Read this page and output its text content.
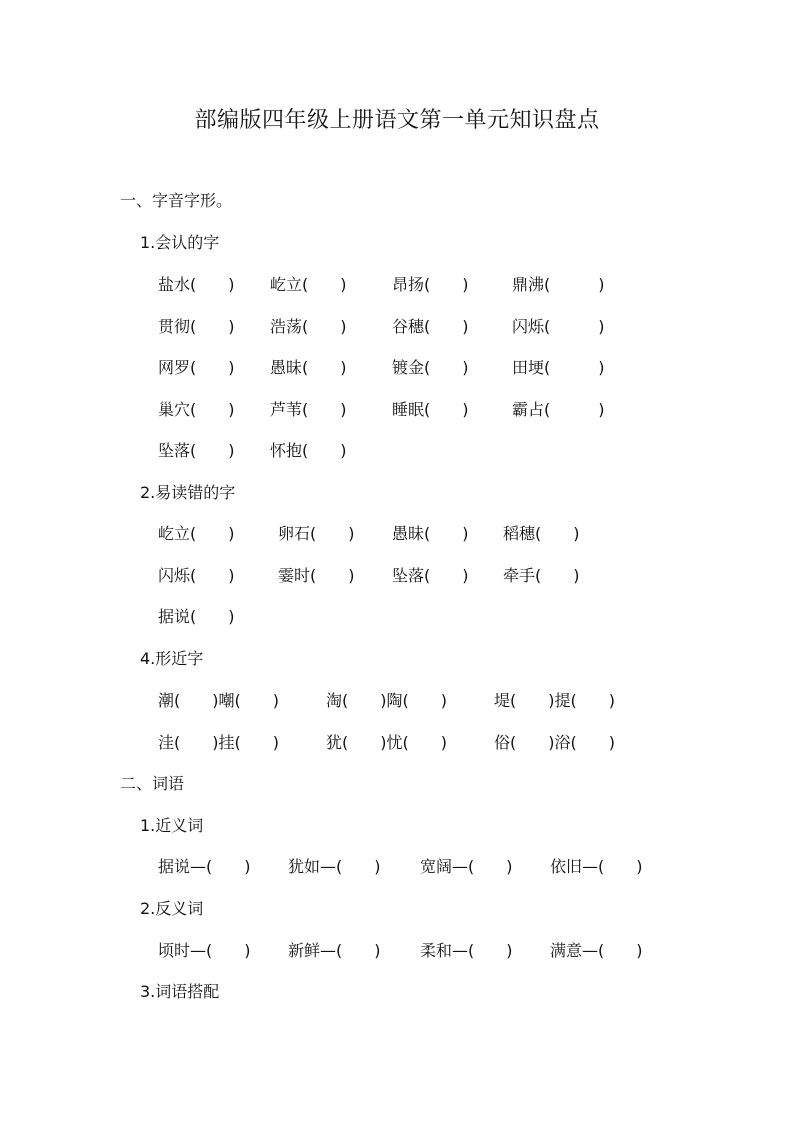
部编版四年级上册语文第一单元知识盘点
一、字音字形。
1.会认的字
盐水(　　) 屹立(　　)	昂扬(　　)	鼎沸(　　　)
贯彻(　　) 浩荡(　　)	谷穗(　　)	闪烁(　　　)
网罗(　　) 愚昧(　　)	镀金(　　)	田埂(　　　)
巢穴(　　) 芦苇(　　)	睡眠(　　)	霸占(　　　)
坠落(　　) 怀抱(　　)
2.易读错的字
屹立(　　)	卵石(　　) 愚昧(　　) 稻穗(　　)
闪烁(　　)	霎时(　　) 坠落(　　) 牵手(　　)
据说(　　)
4.形近字
潮(　　)嘲(　　)	淘(　　)陶(　　)	堤(　　)提(　　)
洼(　　)挂(　　)	犹(　　)忧(　　)	俗(　　)浴(　　)
二、词语
1.近义词
据说—(　　) 犹如—(　　) 宽阔—(　　) 依旧—(　　)
2.反义词
顷时—(　　) 新鲜—(　　) 柔和—(　　) 满意—(　　)
3.词语搭配
